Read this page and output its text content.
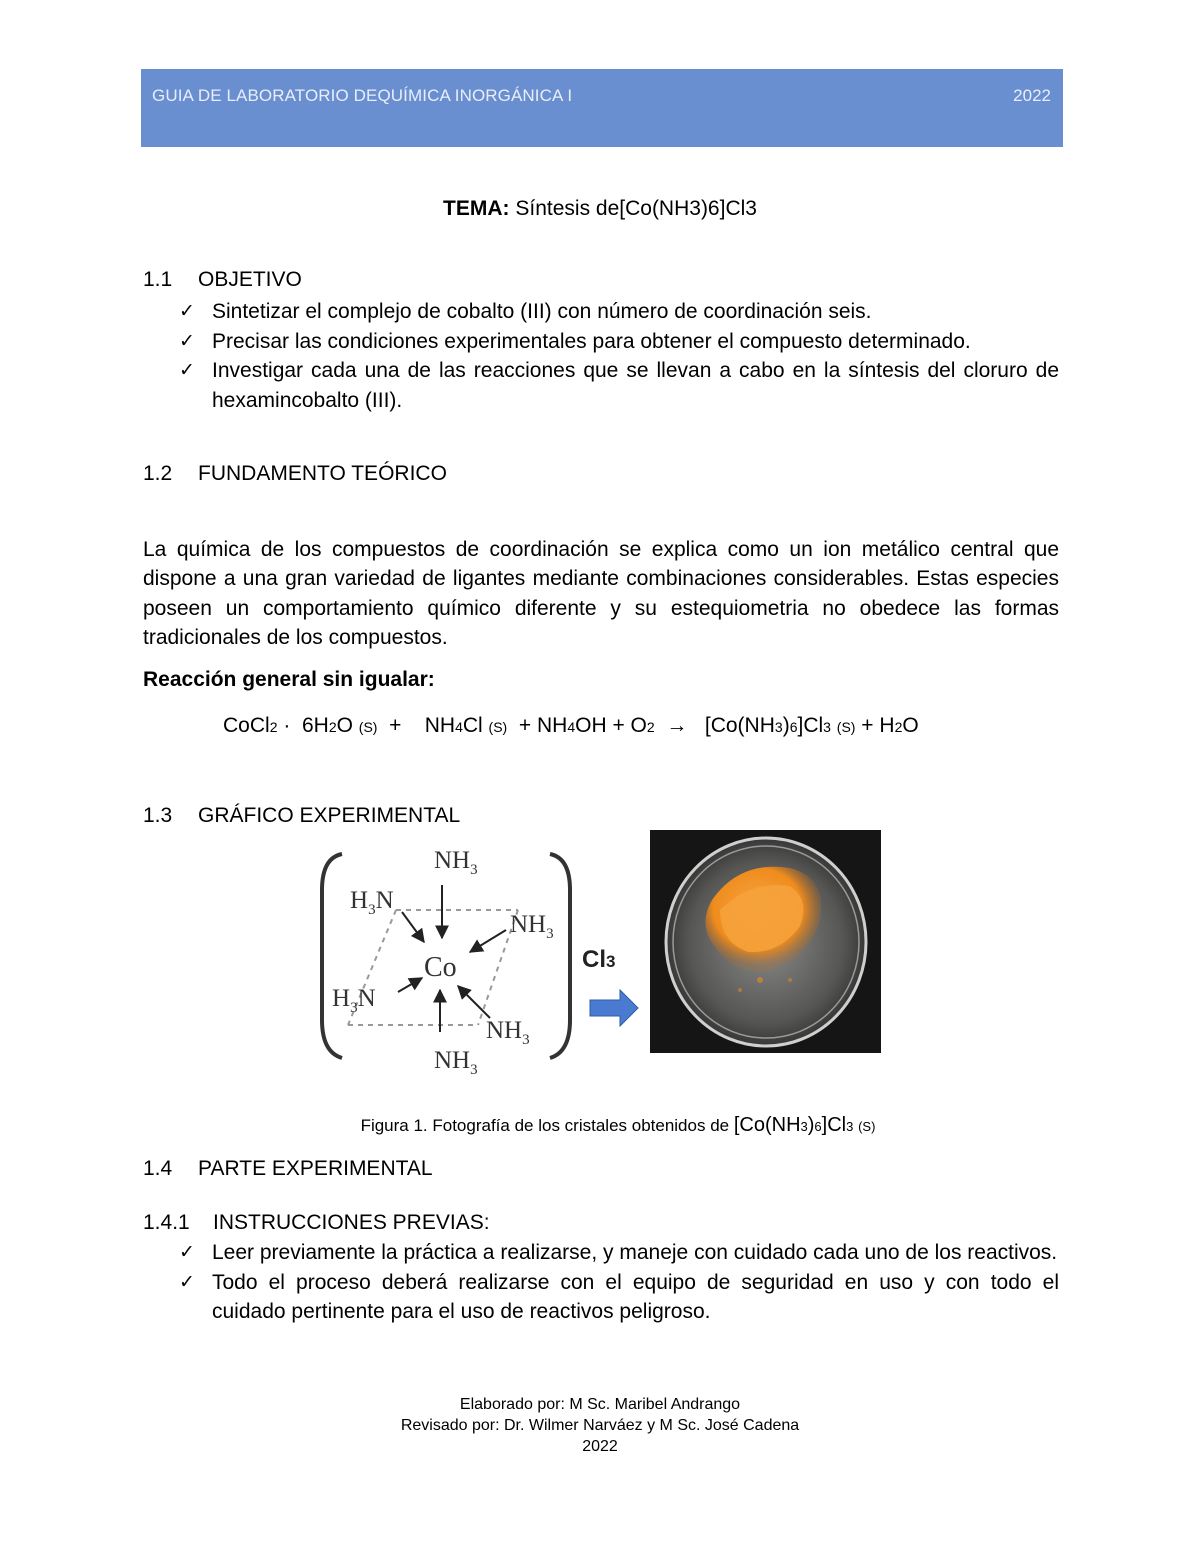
GUIA DE LABORATORIO DEQUÍMICA INORGÁNICA I	2022
TEMA: Síntesis de[Co(NH3)6]Cl3
1.1 OBJETIVO
✓ Sintetizar el complejo de cobalto (III) con número de coordinación seis.
✓ Precisar las condiciones experimentales para obtener el compuesto determinado.
✓ Investigar cada una de las reacciones que se llevan a cabo en la síntesis del cloruro de hexamincobalto (III).
1.2 FUNDAMENTO TEÓRICO
La química de los compuestos de coordinación se explica como un ion metálico central que dispone a una gran variedad de ligantes mediante combinaciones considerables. Estas especies poseen un comportamiento químico diferente y su estequiometria no obedece las formas tradicionales de los compuestos.
Reacción general sin igualar:
CoCl2 ·  6H2O (S)  +    NH4Cl (S)  + NH4OH + O2  →   [Co(NH3)6]Cl3 (S) + H2O
1.3 GRÁFICO EXPERIMENTAL
$NH_3$
$H_3N$
$NH_3$
Co
$H_3N$
$NH_3$
$NH_3$
Cl3
Figura 1. Fotografía de los cristales obtenidos de [Co(NH3)6]Cl3 (S)
1.4 PARTE EXPERIMENTAL
1.4.1 INSTRUCCIONES PREVIAS:
✓ Leer previamente la práctica a realizarse, y maneje con cuidado cada uno de los reactivos.
✓ Todo el proceso deberá realizarse con el equipo de seguridad en uso y con todo el cuidado pertinente para el uso de reactivos peligroso.
Elaborado por: M Sc. Maribel Andrango
Revisado por: Dr. Wilmer Narváez y M Sc. José Cadena
2022
